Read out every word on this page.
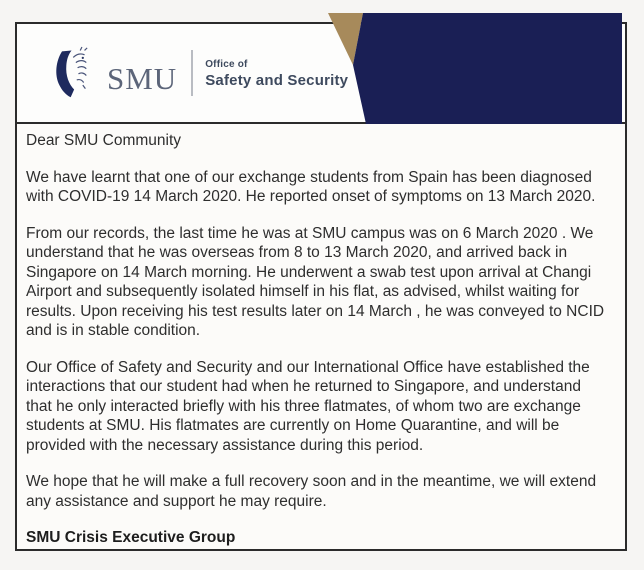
SMU	Office of
Safety and Security

Dear SMU Community

We have learnt that one of our exchange students from Spain has been diagnosed with COVID-19 14 March 2020. He reported onset of symptoms on 13 March 2020.

From our records, the last time he was at SMU campus was on 6 March 2020 . We understand that he was overseas from 8 to 13 March 2020, and arrived back in Singapore on 14 March morning. He underwent a swab test upon arrival at Changi Airport and subsequently isolated himself in his flat, as advised, whilst waiting for results. Upon receiving his test results later on 14 March , he was conveyed to NCID and is in stable condition.

Our Office of Safety and Security and our International Office have established the interactions that our student had when he returned to Singapore, and understand that he only interacted briefly with his three flatmates, of whom two are exchange students at SMU. His flatmates are currently on Home Quarantine, and will be provided with the necessary assistance during this period.

We hope that he will make a full recovery soon and in the meantime, we will extend any assistance and support he may require.

SMU Crisis Executive Group
